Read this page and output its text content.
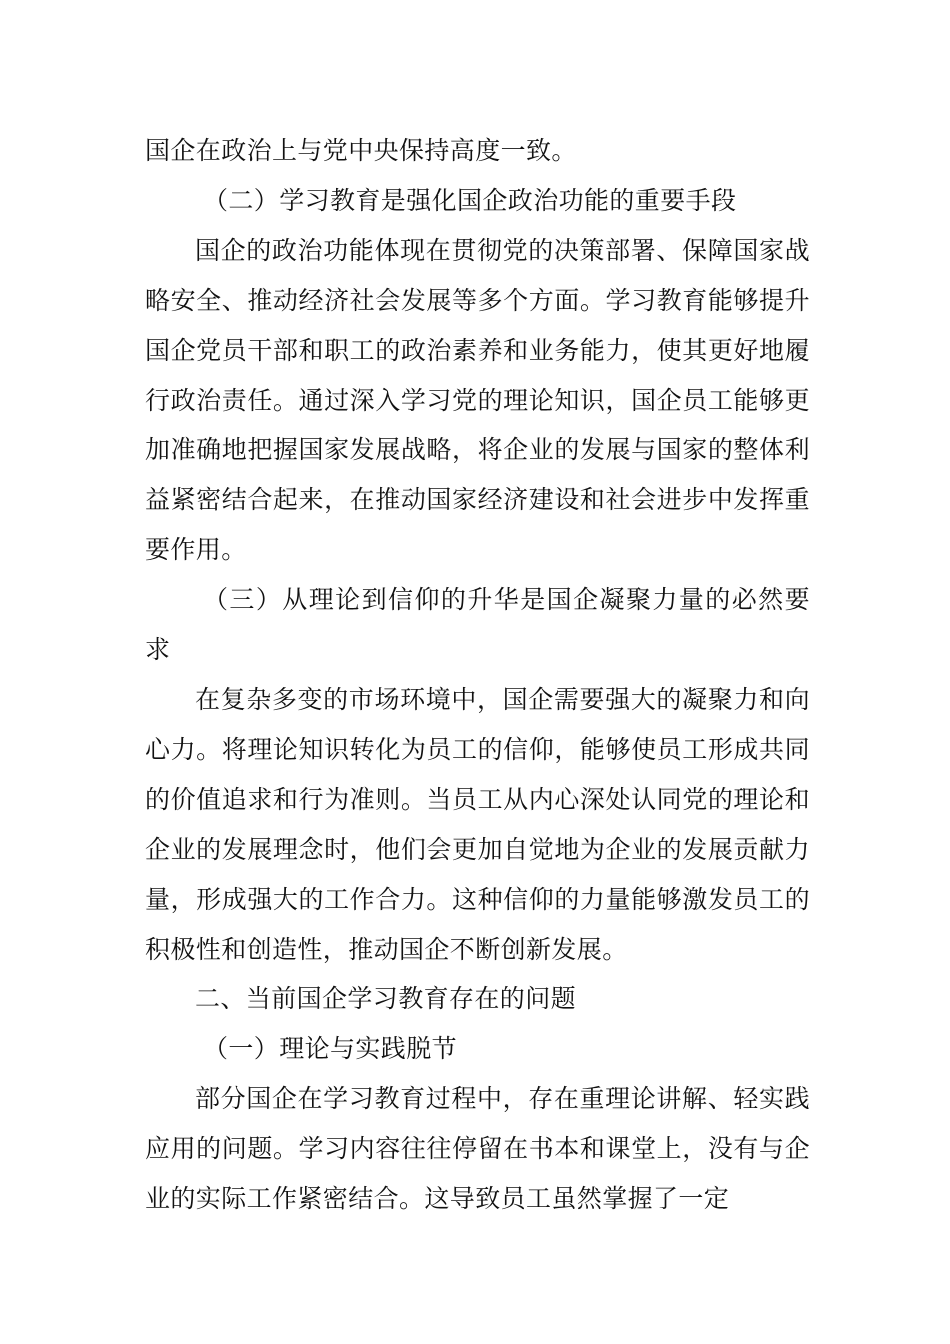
国企在政治上与党中央保持高度一致。

（二）学习教育是强化国企政治功能的重要手段

国企的政治功能体现在贯彻党的决策部署、保障国家战略安全、推动经济社会发展等多个方面。学习教育能够提升国企党员干部和职工的政治素养和业务能力，使其更好地履行政治责任。通过深入学习党的理论知识，国企员工能够更加准确地把握国家发展战略，将企业的发展与国家的整体利益紧密结合起来，在推动国家经济建设和社会进步中发挥重要作用。

（三）从理论到信仰的升华是国企凝聚力量的必然要求

在复杂多变的市场环境中，国企需要强大的凝聚力和向心力。将理论知识转化为员工的信仰，能够使员工形成共同的价值追求和行为准则。当员工从内心深处认同党的理论和企业的发展理念时，他们会更加自觉地为企业的发展贡献力量，形成强大的工作合力。这种信仰的力量能够激发员工的积极性和创造性，推动国企不断创新发展。

二、当前国企学习教育存在的问题

（一）理论与实践脱节

部分国企在学习教育过程中，存在重理论讲解、轻实践应用的问题。学习内容往往停留在书本和课堂上，没有与企业的实际工作紧密结合。这导致员工虽然掌握了一定
